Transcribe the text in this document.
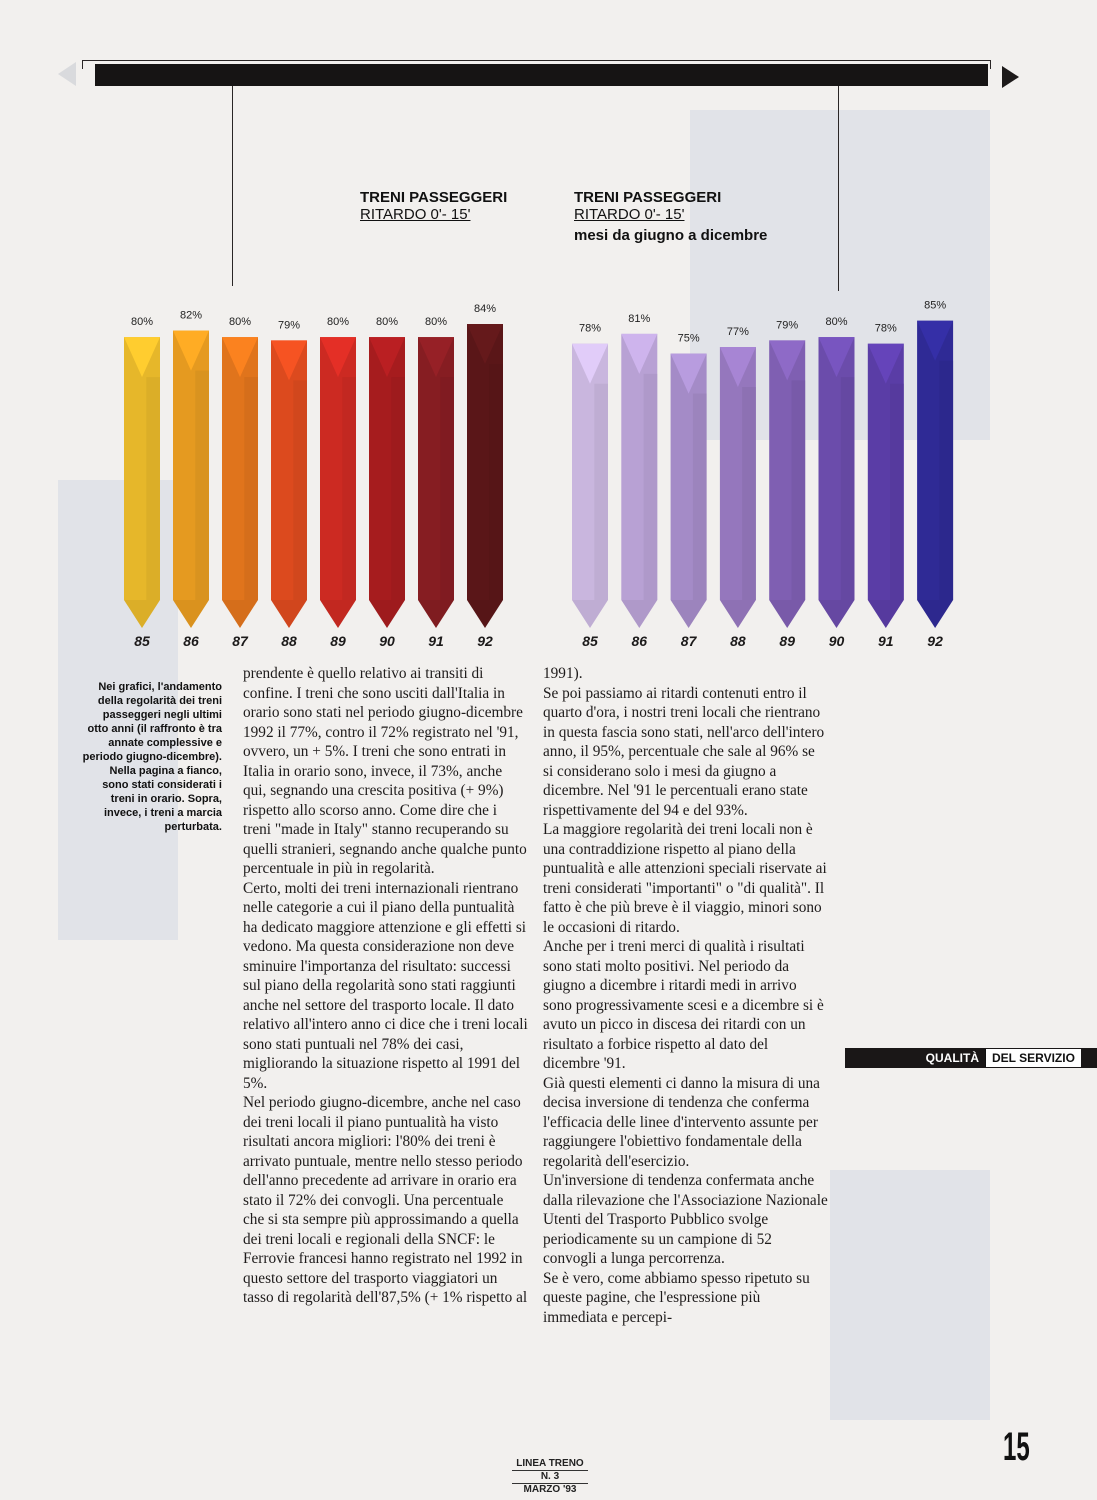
TRENI PASSEGGERI
RITARDO 0'- 15'
TRENI PASSEGGERI
RITARDO 0'- 15'
mesi da giugno a dicembre
80%
85
82%
86
80%
87
79%
88
80%
89
80%
90
80%
91
84%
92
78%
85
81%
86
75%
87
77%
88
79%
89
80%
90
78%
91
85%
92
Nei grafici, l'andamento della regolarità dei treni passeggeri negli ultimi otto anni (il raffronto è tra annate complessive e periodo giugno-dicembre). Nella pagina a fianco, sono stati considerati i treni in orario. Sopra, invece, i treni a marcia perturbata.

prendente è quello relativo ai transiti di confine. I treni che sono usciti dall'Italia in orario sono stati nel periodo giugno-dicembre 1992 il 77%, contro il 72% registrato nel '91, ovvero, un + 5%. I treni che sono entrati in Italia in orario sono, invece, il 73%, anche qui, segnando una crescita positiva (+ 9%) rispetto allo scorso anno. Come dire che i treni "made in Italy" stanno recuperando su quelli stranieri, segnando anche qualche punto percentuale in più in regolarità.

Certo, molti dei treni internazionali rientrano nelle categorie a cui il piano della puntualità ha dedicato maggiore attenzione e gli effetti si vedono. Ma questa considerazione non deve sminuire l'importanza del risultato: successi sul piano della regolarità sono stati raggiunti anche nel settore del trasporto locale. Il dato relativo all'intero anno ci dice che i treni locali sono stati puntuali nel 78% dei casi, migliorando la situazione rispetto al 1991 del 5%.

Nel periodo giugno-dicembre, anche nel caso dei treni locali il piano puntualità ha visto risultati ancora migliori: l'80% dei treni è arrivato puntuale, mentre nello stesso periodo dell'anno precedente ad arrivare in orario era stato il 72% dei convogli. Una percentuale che si sta sempre più approssimando a quella dei treni locali e regionali della SNCF: le Ferrovie francesi hanno registrato nel 1992 in questo settore del trasporto viaggiatori un tasso di regolarità dell'87,5% (+ 1% rispetto al

1991).

Se poi passiamo ai ritardi contenuti entro il quarto d'ora, i nostri treni locali che rientrano in questa fascia sono stati, nell'arco dell'intero anno, il 95%, percentuale che sale al 96% se si considerano solo i mesi da giugno a dicembre. Nel '91 le percentuali erano state rispettivamente del 94 e del 93%.

La maggiore regolarità dei treni locali non è una contraddizione rispetto al piano della puntualità e alle attenzioni speciali riservate ai treni considerati "importanti" o "di qualità". Il fatto è che più breve è il viaggio, minori sono le occasioni di ritardo.

Anche per i treni merci di qualità i risultati sono stati molto positivi. Nel periodo da giugno a dicembre i ritardi medi in arrivo sono progressivamente scesi e a dicembre si è avuto un picco in discesa dei ritardi con un risultato a forbice rispetto al dato del dicembre '91.

Già questi elementi ci danno la misura di una decisa inversione di tendenza che conferma l'efficacia delle linee d'intervento assunte per raggiungere l'obiettivo fondamentale della regolarità dell'esercizio.

Un'inversione di tendenza confermata anche dalla rilevazione che l'Associazione Nazionale Utenti del Trasporto Pubblico svolge periodicamente su un campione di 52 convogli a lunga percorrenza.

Se è vero, come abbiamo spesso ripetuto su queste pagine, che l'espressione più immediata e percepi-

QUALITÀ	DEL SERVIZIO
15
LINEA TRENO
N. 3
MARZO '93
